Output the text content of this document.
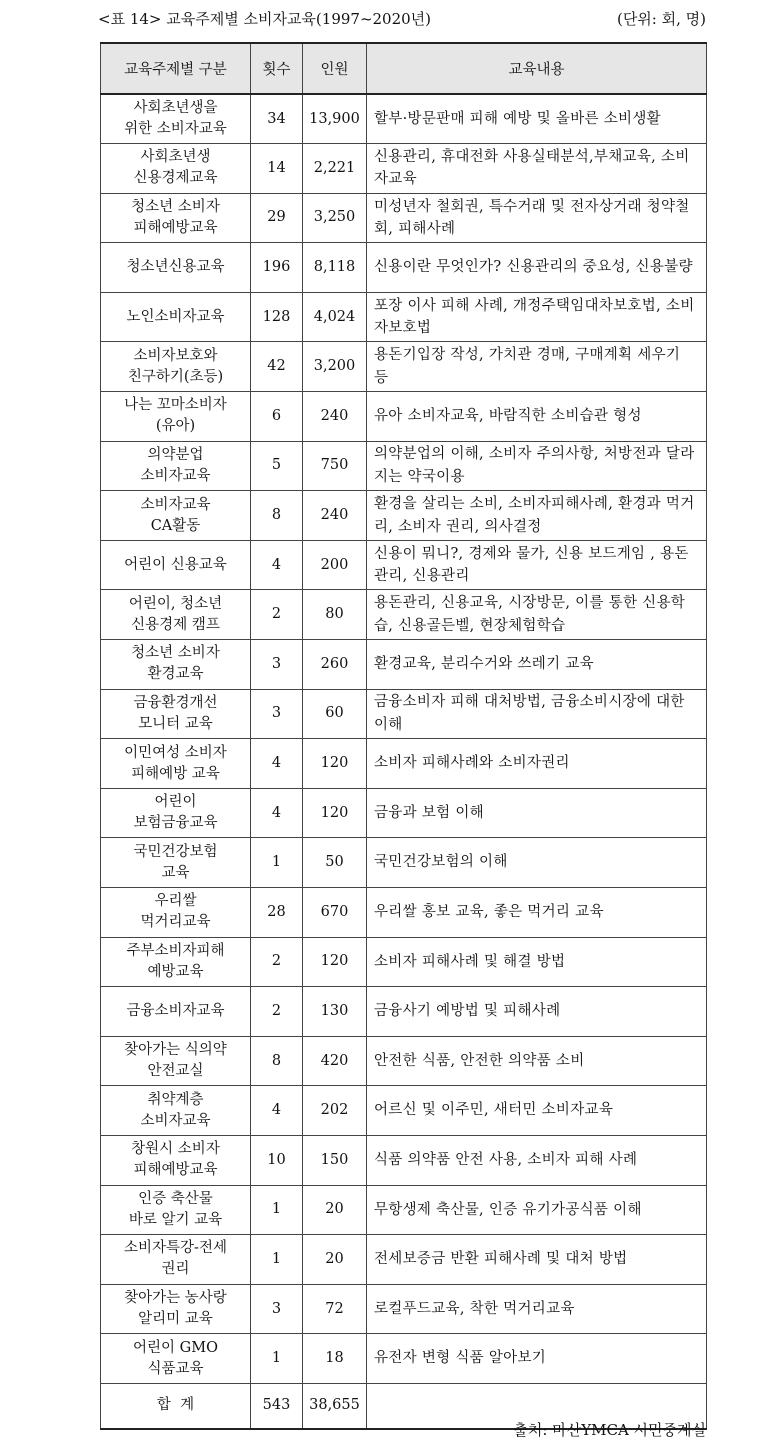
<표 14> 교육주제별 소비자교육(1997~2020년)	(단위: 회, 명)
교육주제별 구분	횟수	인원	교육내용
사회초년생을
위한 소비자교육	34	13,900	할부·방문판매 피해 예방 및 올바른 소비생활
사회초년생
신용경제교육	14	2,221	신용관리, 휴대전화 사용실태분석,부채교육, 소비자교육
청소년 소비자
피해예방교육	29	3,250	미성년자 철회권, 특수거래 및 전자상거래 청약철회, 피해사례
청소년신용교육	196	8,118	신용이란 무엇인가? 신용관리의 중요성, 신용불량
노인소비자교육	128	4,024	포장 이사 피해 사례, 개정주택임대차보호법, 소비자보호법
소비자보호와
친구하기(초등)	42	3,200	용돈기입장 작성, 가치관 경매, 구매계획 세우기 등
나는 꼬마소비자
(유아)	6	240	유아 소비자교육, 바람직한 소비습관 형성
의약분업
소비자교육	5	750	의약분업의 이해, 소비자 주의사항, 처방전과 달라지는 약국이용
소비자교육
CA활동	8	240	환경을 살리는 소비, 소비자피해사례, 환경과 먹거리, 소비자 권리, 의사결정
어린이 신용교육	4	200	신용이 뭐니?, 경제와 물가, 신용 보드게임 , 용돈관리, 신용관리
어린이, 청소년
신용경제 캠프	2	80	용돈관리, 신용교육, 시장방문, 이를 통한 신용학습, 신용골든벨, 현장체험학습
청소년 소비자
환경교육	3	260	환경교육, 분리수거와 쓰레기 교육
금융환경개선
모니터 교육	3	60	금융소비자 피해 대처방법, 금융소비시장에 대한 이해
이민여성 소비자
피해예방 교육	4	120	소비자 피해사례와 소비자권리
어린이
보험금융교육	4	120	금융과 보험 이해
국민건강보험
교육	1	50	국민건강보험의 이해
우리쌀
먹거리교육	28	670	우리쌀 홍보 교육, 좋은 먹거리 교육
주부소비자피해
예방교육	2	120	소비자 피해사례 및 해결 방법
금융소비자교육	2	130	금융사기 예방법 및 피해사례
찾아가는 식의약
안전교실	8	420	안전한 식품, 안전한 의약품 소비
취약계층
소비자교육	4	202	어르신 및 이주민, 새터민 소비자교육
창원시 소비자
피해예방교육	10	150	식품 의약품 안전 사용, 소비자 피해 사례
인증 축산물
바로 알기 교육	1	20	무항생제 축산물, 인증 유기가공식품 이해
소비자특강-전세
권리	1	20	전세보증금 반환 피해사례 및 대처 방법
찾아가는 농사랑
알리미 교육	3	72	로컬푸드교육, 착한 먹거리교육
어린이 GMO
식품교육	1	18	유전자 변형 식품 알아보기
합  계	543	38,655	
출처: 마산YMCA 시민중계실
